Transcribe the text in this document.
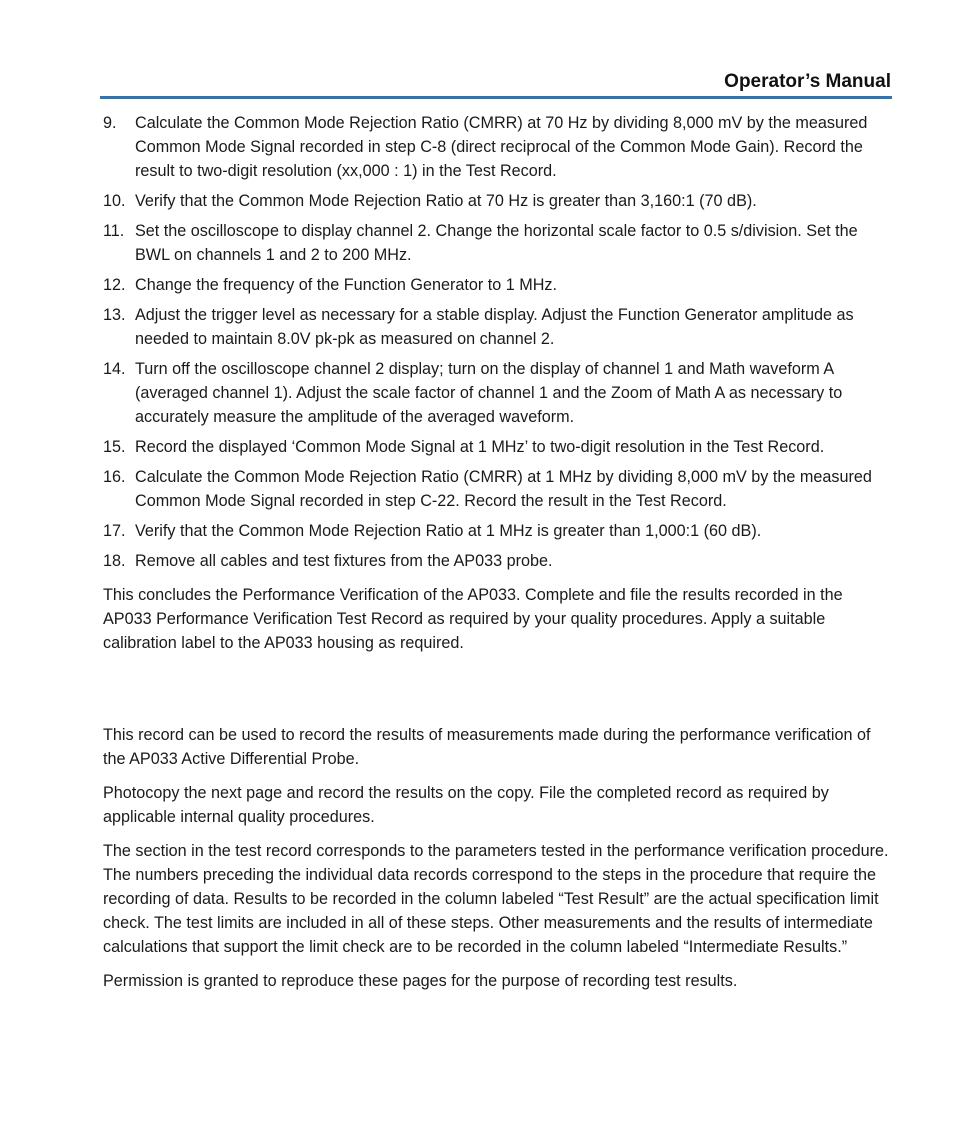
Operator’s Manual
9. Calculate the Common Mode Rejection Ratio (CMRR) at 70 Hz by dividing 8,000 mV by the measured Common Mode Signal recorded in step C-8 (direct reciprocal of the Common Mode Gain). Record the result to two-digit resolution (xx,000 : 1) in the Test Record.
10. Verify that the Common Mode Rejection Ratio at 70 Hz is greater than 3,160:1 (70 dB).
11. Set the oscilloscope to display channel 2. Change the horizontal scale factor to 0.5 s/division. Set the BWL on channels 1 and 2 to 200 MHz.
12. Change the frequency of the Function Generator to 1 MHz.
13. Adjust the trigger level as necessary for a stable display. Adjust the Function Generator amplitude as needed to maintain 8.0V pk-pk as measured on channel 2.
14. Turn off the oscilloscope channel 2 display; turn on the display of channel 1 and Math waveform A (averaged channel 1). Adjust the scale factor of channel 1 and the Zoom of Math A as necessary to accurately measure the amplitude of the averaged waveform.
15. Record the displayed ‘Common Mode Signal at 1 MHz’ to two-digit resolution in the Test Record.
16. Calculate the Common Mode Rejection Ratio (CMRR) at 1 MHz by dividing 8,000 mV by the measured Common Mode Signal recorded in step C-22. Record the result in the Test Record.
17. Verify that the Common Mode Rejection Ratio at 1 MHz is greater than 1,000:1 (60 dB).
18. Remove all cables and test fixtures from the AP033 probe.

This concludes the Performance Verification of the AP033. Complete and file the results recorded in the AP033 Performance Verification Test Record as required by your quality procedures. Apply a suitable calibration label to the AP033 housing as required.

This record can be used to record the results of measurements made during the performance verification of the AP033 Active Differential Probe.

Photocopy the next page and record the results on the copy. File the completed record as required by applicable internal quality procedures.

The section in the test record corresponds to the parameters tested in the performance verification procedure. The numbers preceding the individual data records correspond to the steps in the procedure that require the recording of data. Results to be recorded in the column labeled “Test Result” are the actual specification limit check. The test limits are included in all of these steps. Other measurements and the results of intermediate calculations that support the limit check are to be recorded in the column labeled “Intermediate Results.”

Permission is granted to reproduce these pages for the purpose of recording test results.
